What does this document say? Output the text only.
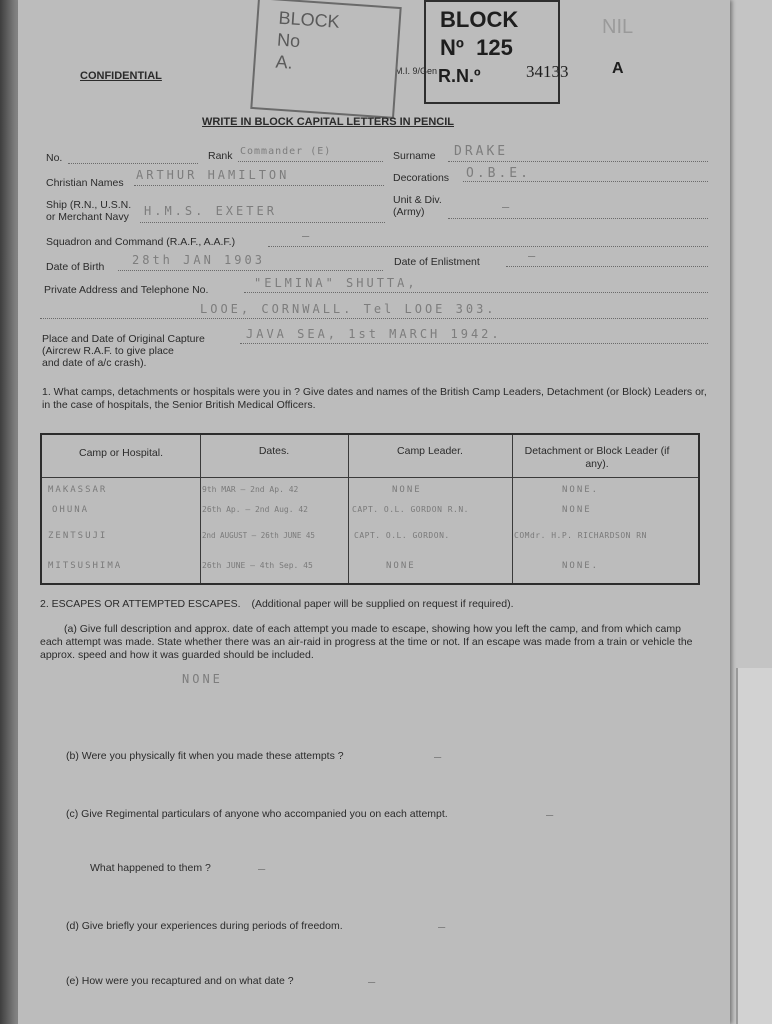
CONFIDENTIAL	M.I. 9/Gen
BLOCK
No
A.
BLOCK
Nº  125
R.N.º	34133	A
NIL
WRITE IN BLOCK CAPITAL LETTERS IN PENCIL
No.	Rank Commander (E)	Surname DRAKE
Christian Names
ARTHUR HAMILTON	Decorations O.B.E.
Ship (R.N., U.S.N.
or Merchant Navy H.M.S. EXETER
Unit & Div.
(Army)	—
Squadron and Command (R.A.F., A.A.F.)	—
Date of Birth 28th JAN 1903	Date of Enlistment	—
Private Address and Telephone No.	"ELMINA" SHUTTA,
LOOE, CORNWALL. Tel LOOE 303.
Place and Date of Original Capture
(Aircrew R.A.F. to give place
and date of a/c crash).
JAVA SEA, 1st MARCH 1942.
1. What camps, detachments or hospitals were you in ? Give dates and names of the British Camp Leaders, Detachment (or Block) Leaders or, in the case of hospitals, the Senior British Medical Officers.
Camp or Hospital.	Dates.	Camp Leader.	Detachment or Block Leader (if any).
MAKASSAR	9th MAR – 2nd Ap. 42	NONE	NONE.
OHUNA	26th Ap. – 2nd Aug. 42	CAPT. O.L. GORDON R.N.	NONE
ZENTSUJI	2nd AUGUST – 26th JUNE 45	CAPT. O.L. GORDON.	COMdr. H.P. RICHARDSON RN
MITSUSHIMA	26th JUNE – 4th Sep. 45	NONE	NONE.
2. ESCAPES OR ATTEMPTED ESCAPES. (Additional paper will be supplied on request if required).
(a) Give full description and approx. date of each attempt you made to escape, showing how you left the camp, and from which camp each attempt was made. State whether there was an air-raid in progress at the time or not. If an escape was made from a train or vehicle the approx. speed and how it was guarded should be included.
NONE
(b) Were you physically fit when you made these attempts ?	—
(c) Give Regimental particulars of anyone who accompanied you on each attempt.	—
What happened to them ?	—
(d) Give briefly your experiences during periods of freedom.	—
(e) How were you recaptured and on what date ?	—
